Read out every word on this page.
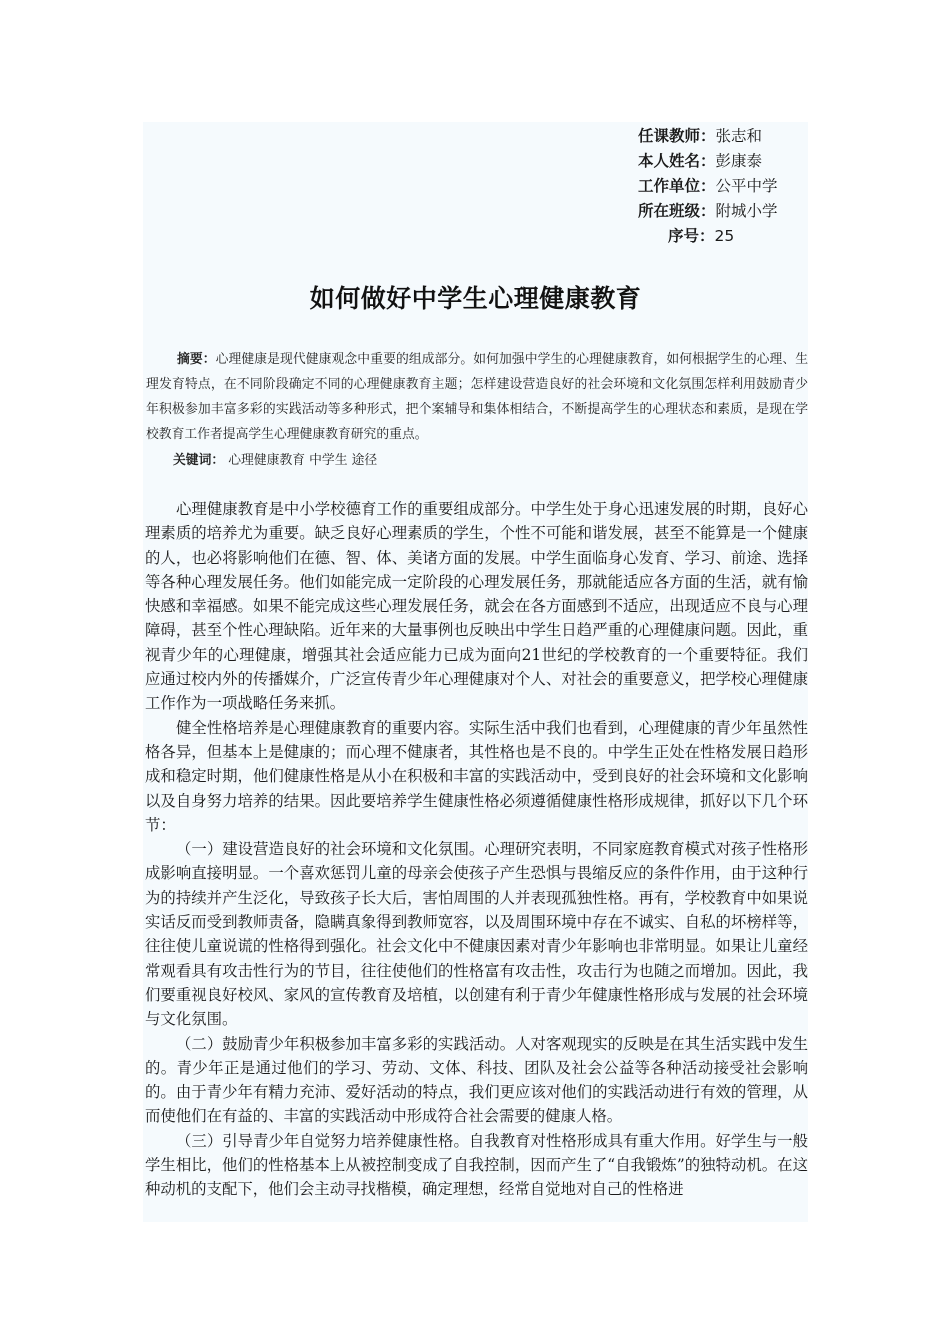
任课教师：张志和
本人姓名：彭康泰
工作单位：公平中学
所在班级：附城小学
序号：25
如何做好中学生心理健康教育
摘要：心理健康是现代健康观念中重要的组成部分。如何加强中学生的心理健康教育，如何根据学生的心理、生理发育特点，在不同阶段确定不同的心理健康教育主题；怎样建设营造良好的社会环境和文化氛围怎样利用鼓励青少年积极参加丰富多彩的实践活动等多种形式，把个案辅导和集体相结合，不断提高学生的心理状态和素质，是现在学校教育工作者提高学生心理健康教育研究的重点。
关键词： 心理健康教育 中学生 途径

心理健康教育是中小学校德育工作的重要组成部分。中学生处于身心迅速发展的时期，良好心理素质的培养尤为重要。缺乏良好心理素质的学生，个性不可能和谐发展，甚至不能算是一个健康的人，也必将影响他们在德、智、体、美诸方面的发展。中学生面临身心发育、学习、前途、选择等各种心理发展任务。他们如能完成一定阶段的心理发展任务，那就能适应各方面的生活，就有愉快感和幸福感。如果不能完成这些心理发展任务，就会在各方面感到不适应，出现适应不良与心理障碍，甚至个性心理缺陷。近年来的大量事例也反映出中学生日趋严重的心理健康问题。因此，重视青少年的心理健康，增强其社会适应能力已成为面向21世纪的学校教育的一个重要特征。我们应通过校内外的传播媒介，广泛宣传青少年心理健康对个人、对社会的重要意义，把学校心理健康工作作为一项战略任务来抓。

健全性格培养是心理健康教育的重要内容。实际生活中我们也看到，心理健康的青少年虽然性格各异，但基本上是健康的；而心理不健康者，其性格也是不良的。中学生正处在性格发展日趋形成和稳定时期，他们健康性格是从小在积极和丰富的实践活动中，受到良好的社会环境和文化影响以及自身努力培养的结果。因此要培养学生健康性格必须遵循健康性格形成规律，抓好以下几个环节：

（一）建设营造良好的社会环境和文化氛围。心理研究表明，不同家庭教育模式对孩子性格形成影响直接明显。一个喜欢惩罚儿童的母亲会使孩子产生恐惧与畏缩反应的条件作用，由于这种行为的持续并产生泛化，导致孩子长大后，害怕周围的人并表现孤独性格。再有，学校教育中如果说实话反而受到教师责备，隐瞒真象得到教师宽容，以及周围环境中存在不诚实、自私的坏榜样等，往往使儿童说谎的性格得到强化。社会文化中不健康因素对青少年影响也非常明显。如果让儿童经常观看具有攻击性行为的节目，往往使他们的性格富有攻击性，攻击行为也随之而增加。因此，我们要重视良好校风、家风的宣传教育及培植，以创建有利于青少年健康性格形成与发展的社会环境与文化氛围。

（二）鼓励青少年积极参加丰富多彩的实践活动。人对客观现实的反映是在其生活实践中发生的。青少年正是通过他们的学习、劳动、文体、科技、团队及社会公益等各种活动接受社会影响的。由于青少年有精力充沛、爱好活动的特点，我们更应该对他们的实践活动进行有效的管理，从而使他们在有益的、丰富的实践活动中形成符合社会需要的健康人格。

（三）引导青少年自觉努力培养健康性格。自我教育对性格形成具有重大作用。好学生与一般学生相比，他们的性格基本上从被控制变成了自我控制，因而产生了“自我锻炼”的独特动机。在这种动机的支配下，他们会主动寻找楷模，确定理想，经常自觉地对自己的性格进
